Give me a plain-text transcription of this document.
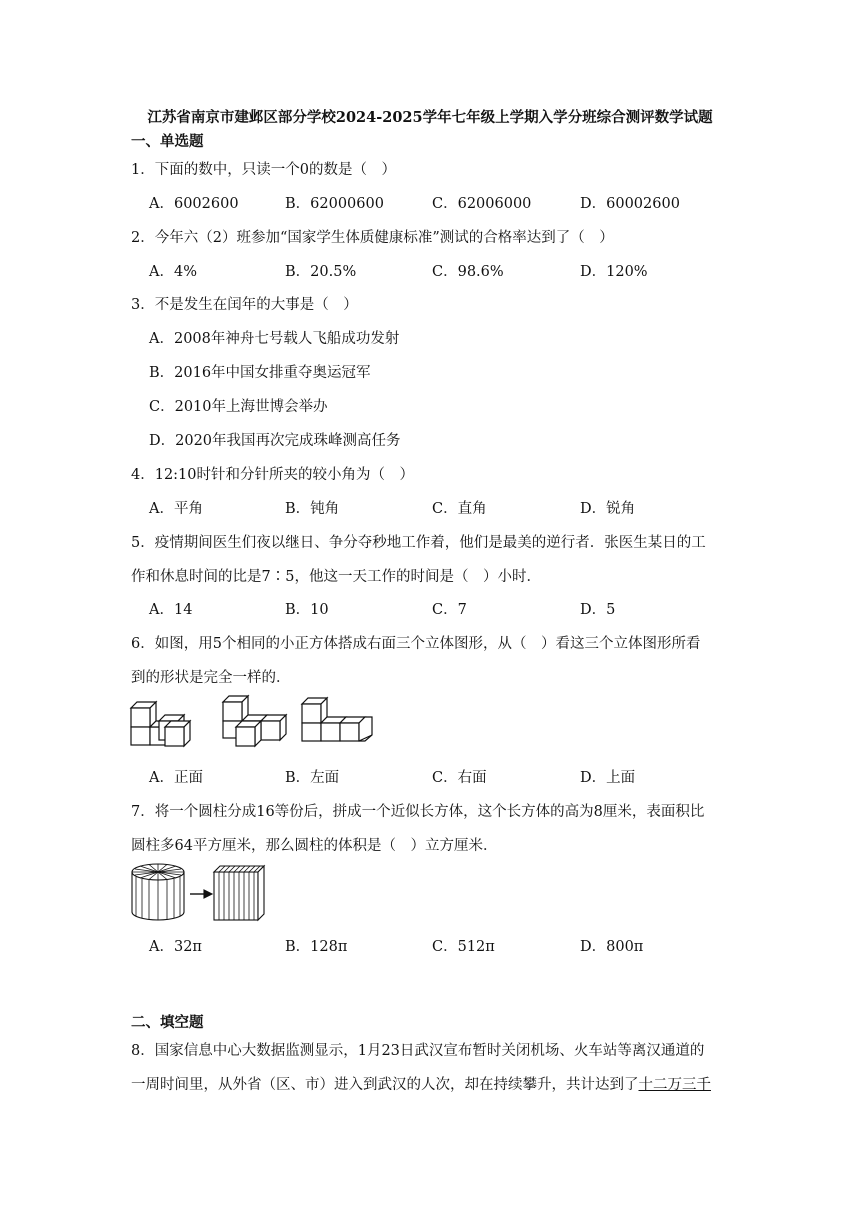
江苏省南京市建邺区部分学校2024-2025学年七年级上学期入学分班综合测评数学试题
一、单选题
1．下面的数中，只读一个0的数是（　）
A．6002600	B．62000600	C．62006000	D．60002600
2．今年六（2）班参加“国家学生体质健康标准”测试的合格率达到了（　）
A．4%	B．20.5%	C．98.6%	D．120%
3．不是发生在闰年的大事是（　）
A．2008年神舟七号载人飞船成功发射
B．2016年中国女排重夺奥运冠军
C．2010年上海世博会举办
D．2020年我国再次完成珠峰测高任务
4．12:10时针和分针所夹的较小角为（　）
A．平角	B．钝角	C．直角	D．锐角
5．疫情期间医生们夜以继日、争分夺秒地工作着，他们是最美的逆行者．张医生某日的工
作和休息时间的比是7∶5，他这一天工作的时间是（　）小时．
A．14	B．10	C．7	D．5
6．如图，用5个相同的小正方体搭成右面三个立体图形，从（　）看这三个立体图形所看
到的形状是完全一样的．
A．正面	B．左面	C．右面	D．上面
7．将一个圆柱分成16等份后，拼成一个近似长方体，这个长方体的高为8厘米，表面积比
圆柱多64平方厘米，那么圆柱的体积是（　）立方厘米．
A．32π	B．128π	C．512π	D．800π
二、填空题
8．国家信息中心大数据监测显示，1月23日武汉宣布暂时关闭机场、火车站等离汉通道的
一周时间里，从外省（区、市）进入到武汉的人次，却在持续攀升，共计达到了十二万三千
